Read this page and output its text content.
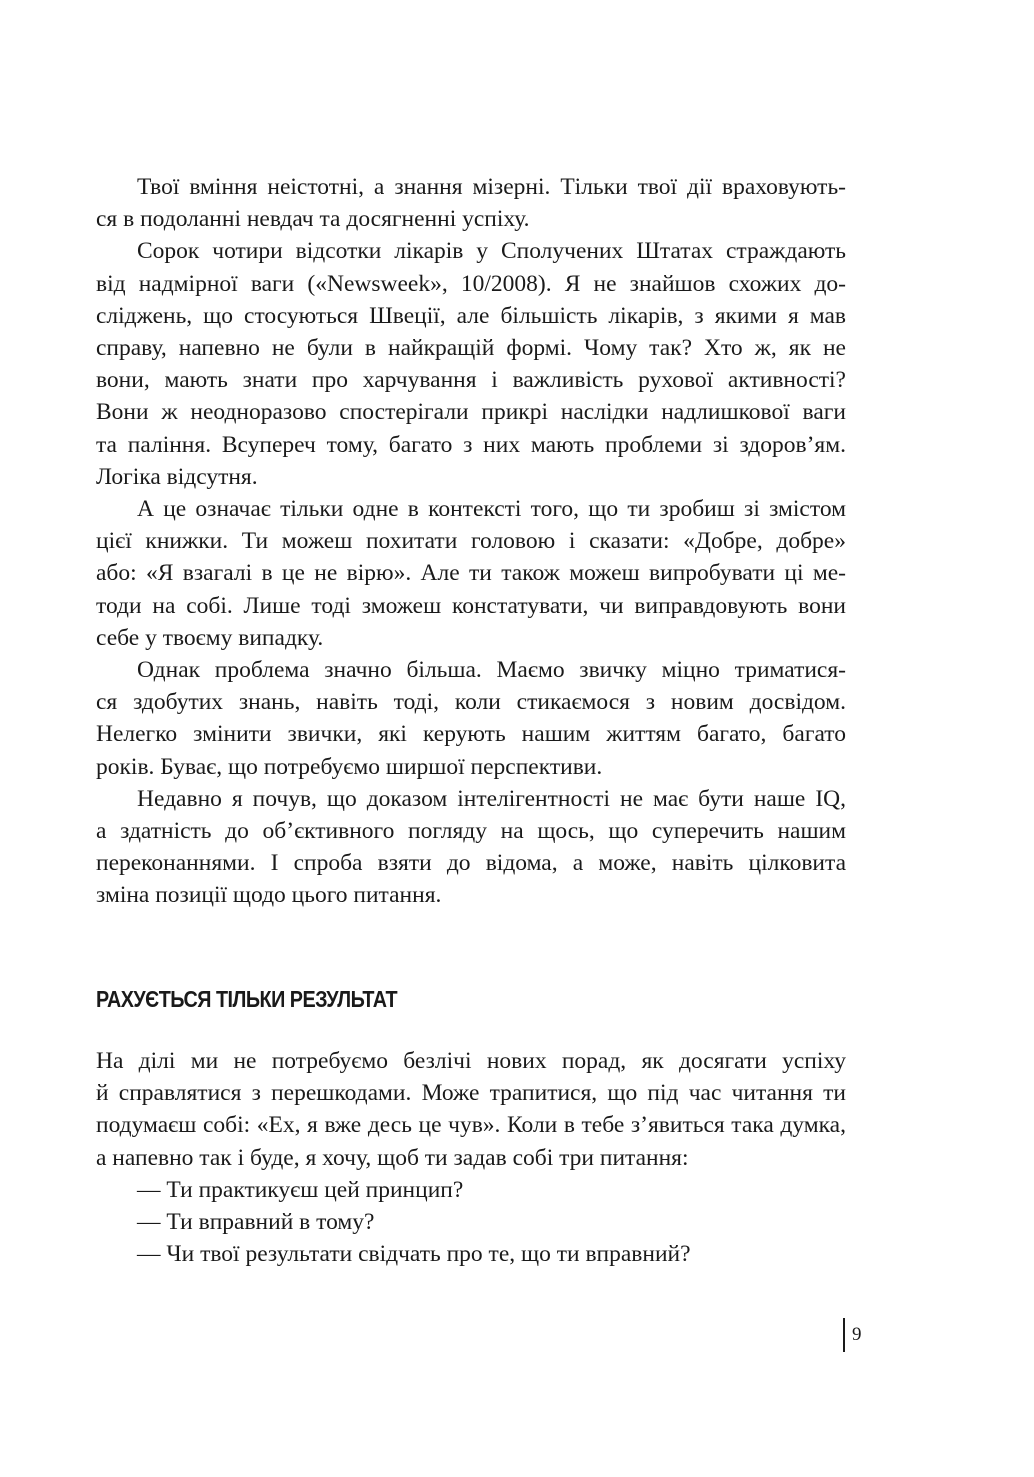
Твої вміння неістотні, а знання мізерні. Тільки твої дії враховують-
ся в подоланні невдач та досягненні успіху.

Сорок чотири відсотки лікарів у Сполучених Штатах страждають
від надмірної ваги («Newsweek», 10/2008). Я не знайшов схожих до-
сліджень, що стосуються Швеції, але більшість лікарів, з якими я мав
справу, напевно не були в найкращій формі. Чому так? Хто ж, як не
вони, мають знати про харчування і важливість рухової активності?
Вони ж неодноразово спостерігали прикрі наслідки надлишкової ваги
та паління. Всупереч тому, багато з них мають проблеми зі здоров’ям.
Логіка відсутня.

А це означає тільки одне в контексті того, що ти зробиш зі змістом
цієї книжки. Ти можеш похитати головою і сказати: «Добре, добре»
або: «Я взагалі в це не вірю». Але ти також можеш випробувати ці ме-
тоди на собі. Лише тоді зможеш констатувати, чи виправдовують вони
себе у твоєму випадку.

Однак проблема значно більша. Маємо звичку міцно триматися-
ся здобутих знань, навіть тоді, коли стикаємося з новим досвідом.
Нелегко змінити звички, які керують нашим життям багато, багато
років. Буває, що потребуємо ширшої перспективи.

Недавно я почув, що доказом інтелігентності не має бути наше IQ,
а здатність до об’єктивного погляду на щось, що суперечить нашим
переконаннями. І спроба взяти до відома, а може, навіть цілковита
зміна позиції щодо цього питання.

РАХУЄТЬСЯ ТІЛЬКИ РЕЗУЛЬТАТ

На ділі ми не потребуємо безлічі нових порад, як досягати успіху
й справлятися з перешкодами. Може трапитися, що під час читання ти
подумаєш собі: «Ех, я вже десь це чув». Коли в тебе з’явиться така думка,
а напевно так і буде, я хочу, щоб ти задав собі три питання:

— Ти практикуєш цей принцип?
— Ти вправний в тому?
— Чи твої результати свідчать про те, що ти вправний?
9
